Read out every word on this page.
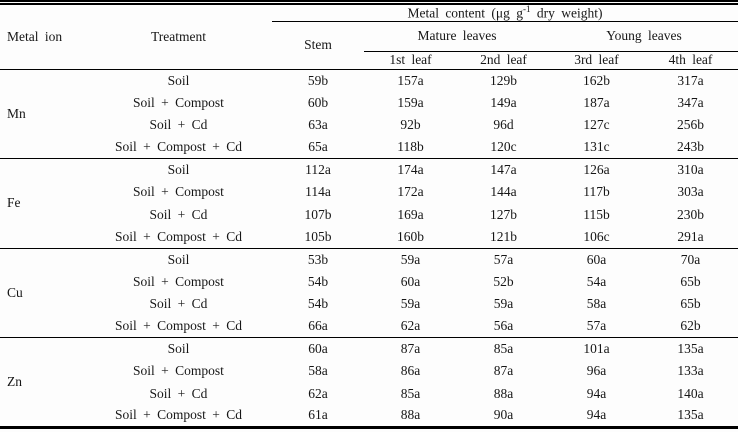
Metal ion	Treatment	Metal content (μg $g^{-1}$ dry weight)				
		Stem	Mature leaves		Young leaves	
			1st leaf	2nd leaf	3rd leaf	4th leaf
Mn	Soil	59b	157a	129b	162b	317a
	Soil + Compost	60b	159a	149a	187a	347a
	Soil + Cd	63a	92b	96d	127c	256b
	Soil + Compost + Cd	65a	118b	120c	131c	243b
Fe	Soil	112a	174a	147a	126a	310a
	Soil + Compost	114a	172a	144a	117b	303a
	Soil + Cd	107b	169a	127b	115b	230b
	Soil + Compost + Cd	105b	160b	121b	106c	291a
Cu	Soil	53b	59a	57a	60a	70a
	Soil + Compost	54b	60a	52b	54a	65b
	Soil + Cd	54b	59a	59a	58a	65b
	Soil + Compost + Cd	66a	62a	56a	57a	62b
Zn	Soil	60a	87a	85a	101a	135a
	Soil + Compost	58a	86a	87a	96a	133a
	Soil + Cd	62a	85a	88a	94a	140a
	Soil + Compost + Cd	61a	88a	90a	94a	135a
